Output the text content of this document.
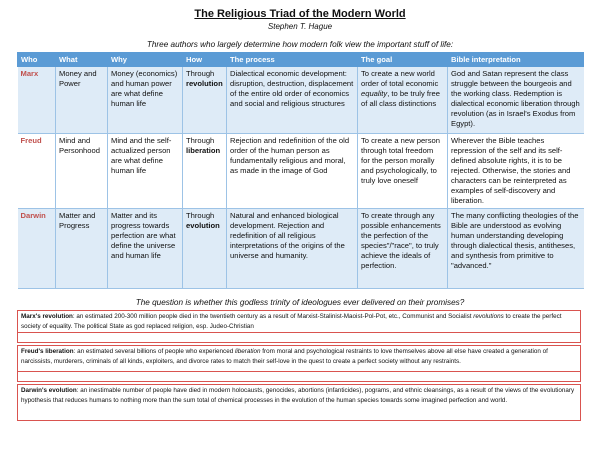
The Religious Triad of the Modern World
Stephen T. Hague
Three authors who largely determine how modern folk view the important stuff of life:
Who	What	Why	How	The process	The goal	Bible interpretation
Marx	Money and Power	Money (economics) and human power are what define human life	Through revolution	Dialectical economic development: disruption, destruction, displacement of the entire old order of economics and social and religious structures	To create a new world order of total economic equality, to be truly free of all class distinctions	God and Satan represent the class struggle between the bourgeois and the working class. Redemption is dialectical economic liberation through revolution (as in Israel's Exodus from Egypt).
Freud	Mind and Personhood	Mind and the self-actualized person are what define human life	Through liberation	Rejection and redefinition of the old order of the human person as fundamentally religious and moral, as made in the image of God	To create a new person through total freedom for the person morally and psychologically, to truly love oneself	Wherever the Bible teaches repression of the self and its self-defined absolute rights, it is to be rejected. Otherwise, the stories and characters can be reinterpreted as examples of self-discovery and liberation.
Darwin	Matter and Progress	Matter and its progress towards perfection are what define the universe and human life	Through evolution	Natural and enhanced biological development. Rejection and redefinition of all religious interpretations of the origins of the universe and humanity.	To create through any possible enhancements the perfection of the species"/"race", to truly achieve the ideals of perfection.	The many conflicting theologies of the Bible are understood as evolving human understanding developing through dialectical thesis, antitheses, and synthesis from primitive to "advanced."
The question is whether this godless trinity of ideologues ever delivered on their promises?
Marx's revolution: an estimated 200-300 million people died in the twentieth century as a result of Marxist-Stalinist-Maoist-Pol-Pot, etc., Communist and Socialist revolutions to create the perfect society of equality. The political State as god replaced religion, esp. Judeo-Christian
Freud's liberation: an estimated several billions of people who experienced liberation from moral and psychological restraints to love themselves above all else have created a generation of narcissists, murderers, criminals of all kinds, exploiters, and divorce rates to match their self-love in the quest to create a perfect society without any restraints.
Darwin's evolution: an inestimable number of people have died in modern holocausts, genocides, abortions (infanticides), pograms, and ethnic cleansings, as a result of the views of the evolutionary hypothesis that reduces humans to nothing more than the sum total of chemical processes in the evolution of the human species towards some imagined perfection and world.
